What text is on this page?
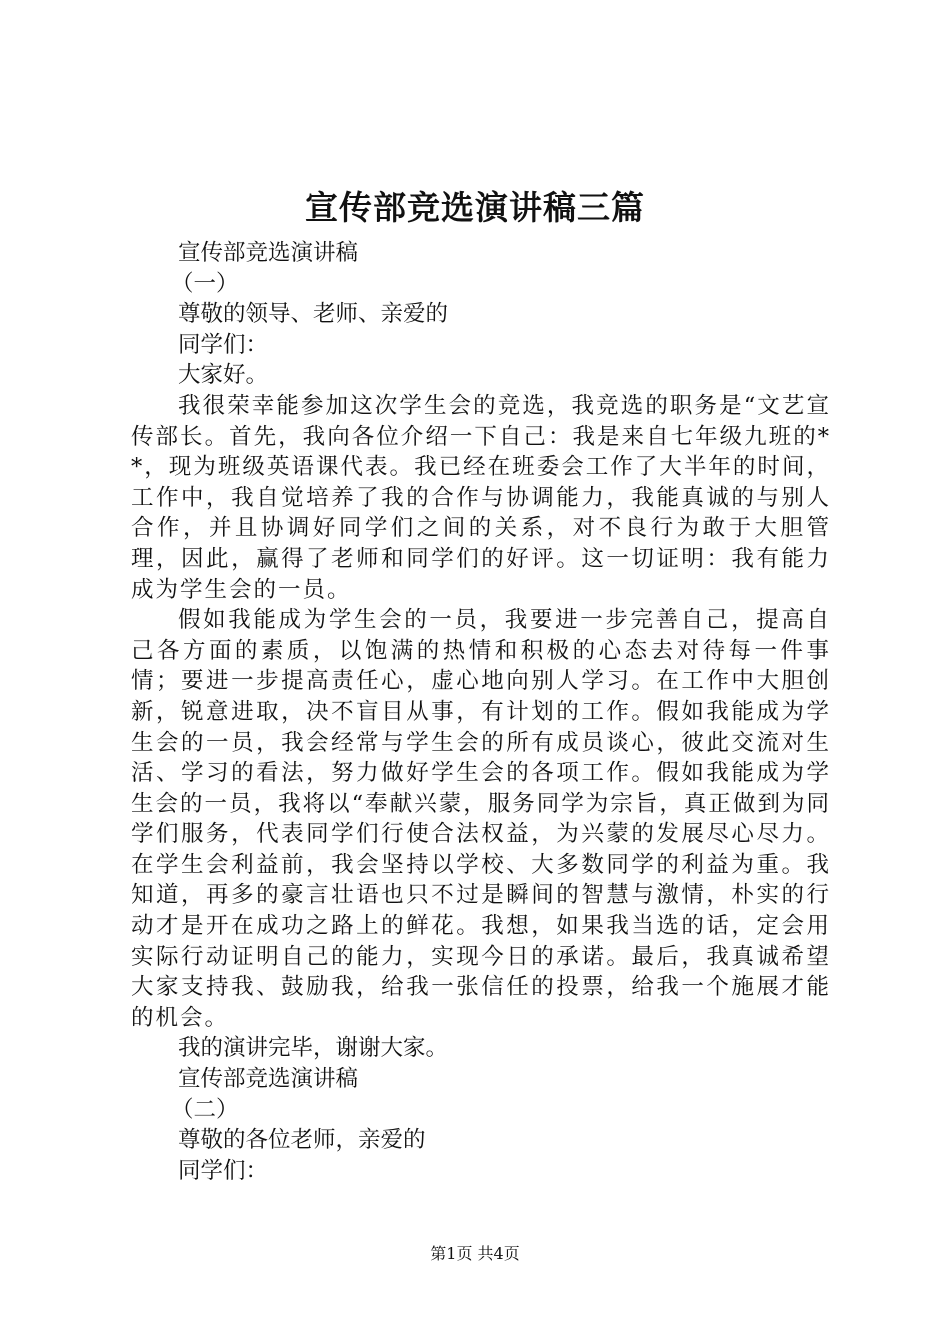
宣传部竞选演讲稿三篇
宣传部竞选演讲稿
（一）
尊敬的领导、老师、亲爱的
同学们：
大家好。
我很荣幸能参加这次学生会的竞选，我竞选的职务是“文艺宣传部长。首先，我向各位介绍一下自己：我是来自七年级九班的**，现为班级英语课代表。我已经在班委会工作了大半年的时间，工作中，我自觉培养了我的合作与协调能力，我能真诚的与别人合作，并且协调好同学们之间的关系，对不良行为敢于大胆管理，因此，赢得了老师和同学们的好评。这一切证明：我有能力成为学生会的一员。
假如我能成为学生会的一员，我要进一步完善自己，提高自己各方面的素质，以饱满的热情和积极的心态去对待每一件事情；要进一步提高责任心，虚心地向别人学习。在工作中大胆创新，锐意进取，决不盲目从事，有计划的工作。假如我能成为学生会的一员，我会经常与学生会的所有成员谈心，彼此交流对生活、学习的看法，努力做好学生会的各项工作。假如我能成为学生会的一员，我将以“奉献兴蒙，服务同学为宗旨，真正做到为同学们服务，代表同学们行使合法权益，为兴蒙的发展尽心尽力。在学生会利益前，我会坚持以学校、大多数同学的利益为重。我知道，再多的豪言壮语也只不过是瞬间的智慧与激情，朴实的行动才是开在成功之路上的鲜花。我想，如果我当选的话，定会用实际行动证明自己的能力，实现今日的承诺。最后，我真诚希望大家支持我、鼓励我，给我一张信任的投票，给我一个施展才能的机会。
我的演讲完毕，谢谢大家。
宣传部竞选演讲稿
（二）
尊敬的各位老师，亲爱的
同学们：
第1页 共4页
